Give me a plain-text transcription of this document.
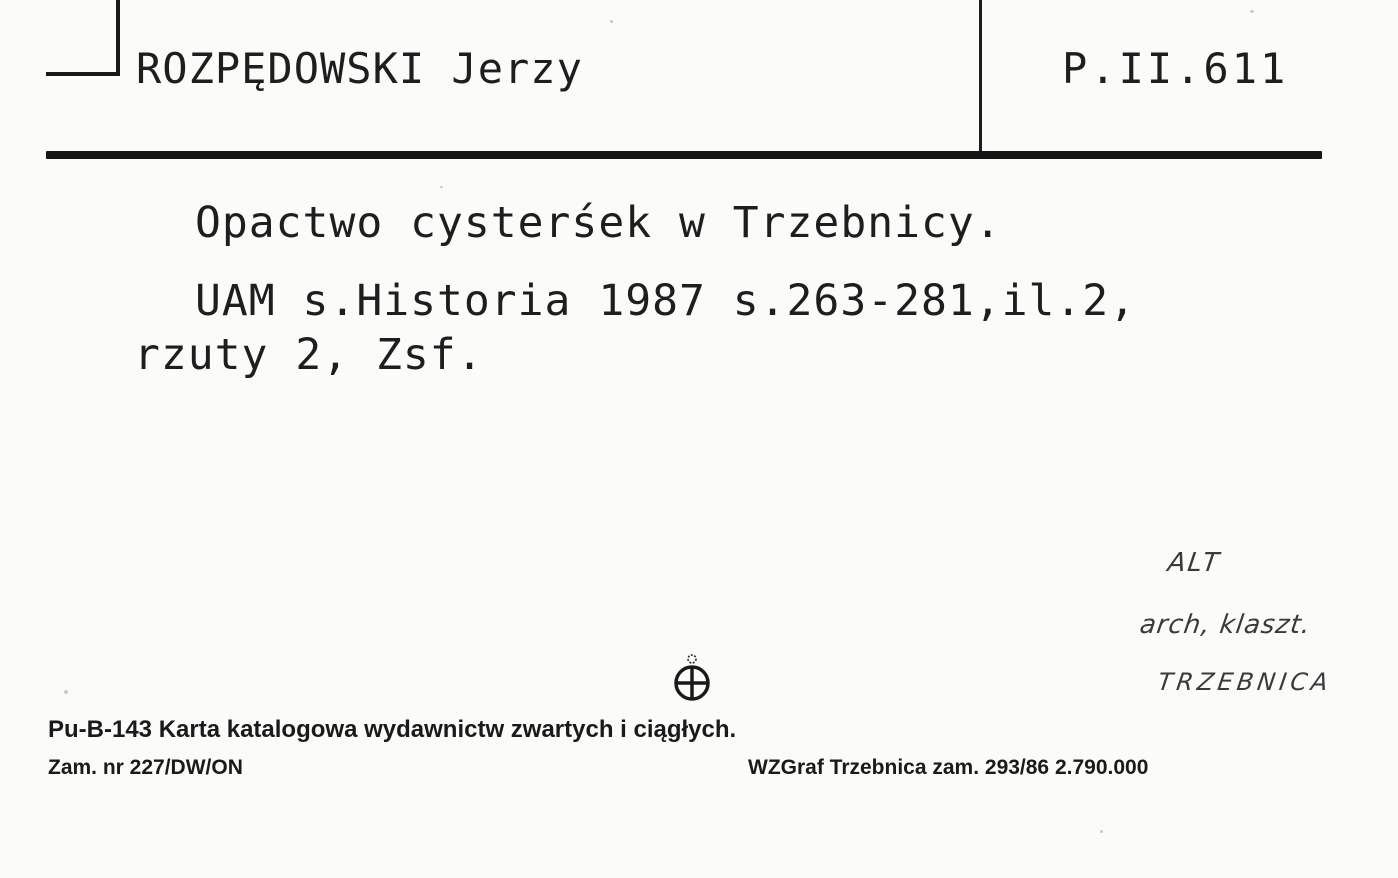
ROZPĘDOWSKI Jerzy	P.II.611
Opactwo cysterśek w Trzebnicy.
UAM s.Historia 1987 s.263-281,il.2,
rzuty 2, Zsf.
ALT
arch, klaszt.
TRZEBNICA
Pu-B-143 Karta katalogowa wydawnictw zwartych i ciągłych.
Zam. nr 227/DW/ON	WZGraf Trzebnica zam. 293/86 2.790.000
